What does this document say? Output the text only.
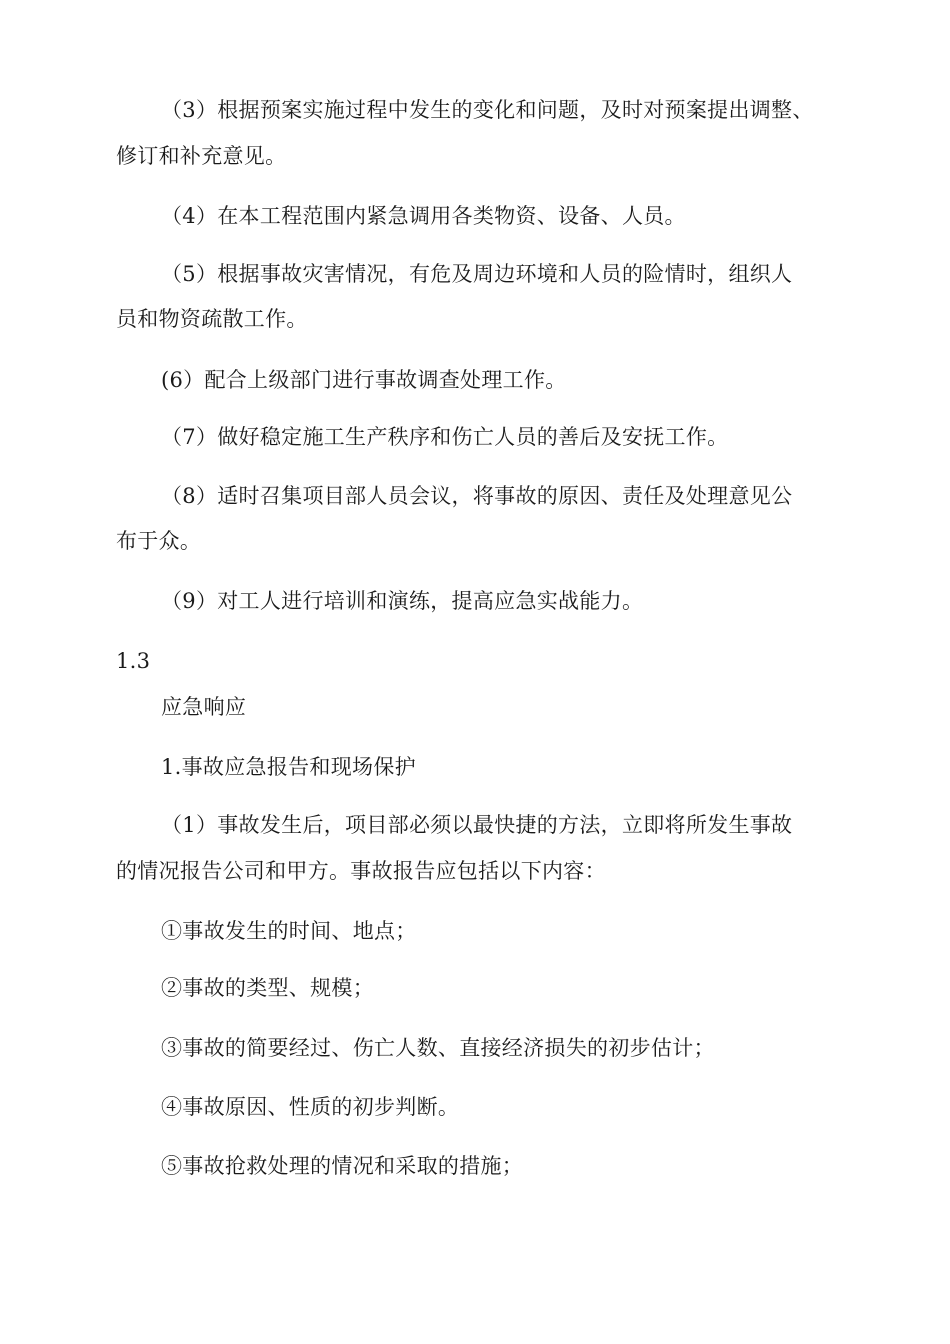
（3）根据预案实施过程中发生的变化和问题，及时对预案提出调整、
修订和补充意见。
（4）在本工程范围内紧急调用各类物资、设备、人员。
（5）根据事故灾害情况，有危及周边环境和人员的险情时，组织人
员和物资疏散工作。
(6）配合上级部门进行事故调查处理工作。
（7）做好稳定施工生产秩序和伤亡人员的善后及安抚工作。
（8）适时召集项目部人员会议，将事故的原因、责任及处理意见公
布于众。
（9）对工人进行培训和演练，提高应急实战能力。
1.3
应急响应
1.事故应急报告和现场保护
（1）事故发生后，项目部必须以最快捷的方法，立即将所发生事故
的情况报告公司和甲方。事故报告应包括以下内容：
①事故发生的时间、地点；
②事故的类型、规模；
③事故的简要经过、伤亡人数、直接经济损失的初步估计；
④事故原因、性质的初步判断。
⑤事故抢救处理的情况和采取的措施；
